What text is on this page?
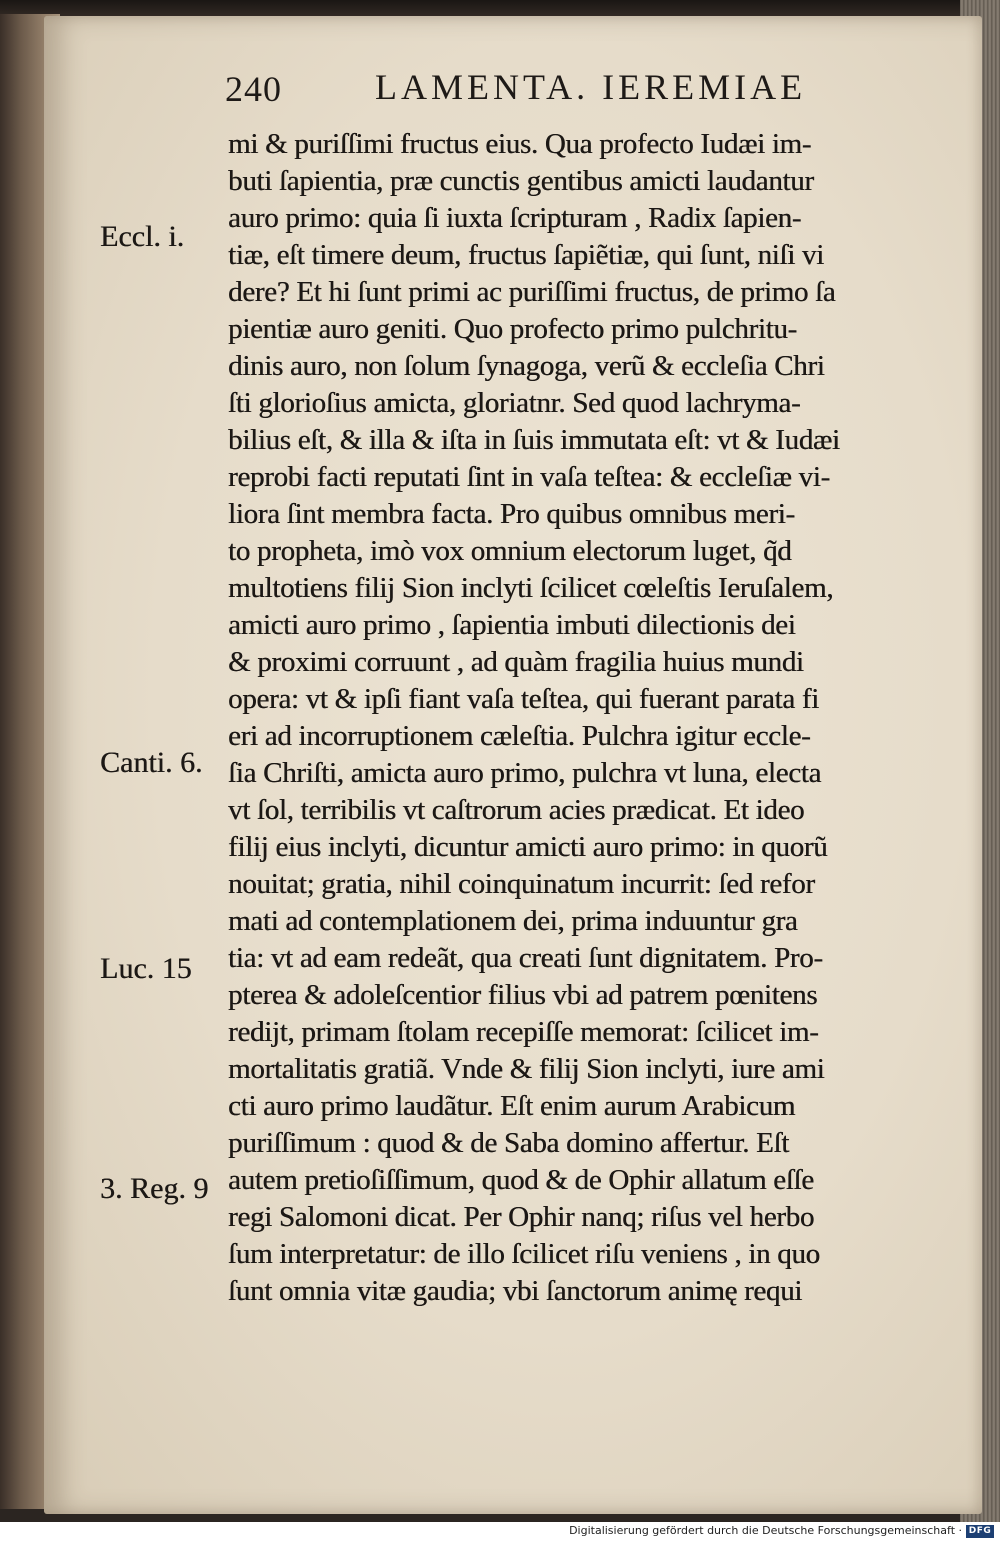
240	LAMENTA. IEREMIAE
Eccl. i.
Canti. 6.
Luc. 15
3. Reg. 9
mi & puriſſimi fructus eius. Qua profecto Iudæi im-
buti ſapientia, præ cunctis gentibus amicti laudantur
auro primo: quia ſi iuxta ſcripturam , Radix ſapien-
tiæ, eſt timere deum, fructus ſapiẽtiæ, qui ſunt, niſi vi
dere? Et hi ſunt primi ac puriſſimi fructus, de primo ſa
pientiæ auro geniti. Quo profecto primo pulchritu-
dinis auro, non ſolum ſynagoga, verũ & eccleſia Chri
ſti glorioſius amicta, gloriatnr. Sed quod lachryma-
bilius eſt, & illa & iſta in ſuis immutata eſt: vt & Iudæi
reprobi facti reputati ſint in vaſa teſtea: & eccleſiæ vi-
liora ſint membra facta. Pro quibus omnibus meri-
to propheta, imò vox omnium electorum luget, q̃d
multotiens filij Sion inclyti ſcilicet cœleſtis Ieruſalem,
amicti auro primo , ſapientia imbuti dilectionis dei
& proximi corruunt , ad quàm fragilia huius mundi
opera: vt & ipſi fiant vaſa teſtea, qui fuerant parata fi
eri ad incorruptionem cæleſtia. Pulchra igitur eccle-
ſia Chriſti, amicta auro primo, pulchra vt luna, electa
vt ſol, terribilis vt caſtrorum acies prædicat. Et ideo
filij eius inclyti, dicuntur amicti auro primo: in quorũ
nouitat; gratia, nihil coinquinatum incurrit: ſed refor
mati ad contemplationem dei, prima induuntur gra
tia: vt ad eam redeãt, qua creati ſunt dignitatem. Pro-
pterea & adoleſcentior filius vbi ad patrem pœnitens
redijt, primam ſtolam recepiſſe memorat: ſcilicet im-
mortalitatis gratiã. Vnde & filij Sion inclyti, iure ami
cti auro primo laudãtur. Eſt enim aurum Arabicum
puriſſimum : quod & de Saba domino affertur. Eſt
autem pretioſiſſimum, quod & de Ophir allatum eſſe
regi Salomoni dicat. Per Ophir nanq; riſus vel herbo
ſum interpretatur: de illo ſcilicet riſu veniens , in quo
ſunt omnia vitæ gaudia; vbi ſanctorum animę requi
Digitalisierung gefördert durch die Deutsche Forschungsgemeinschaft · DFG
